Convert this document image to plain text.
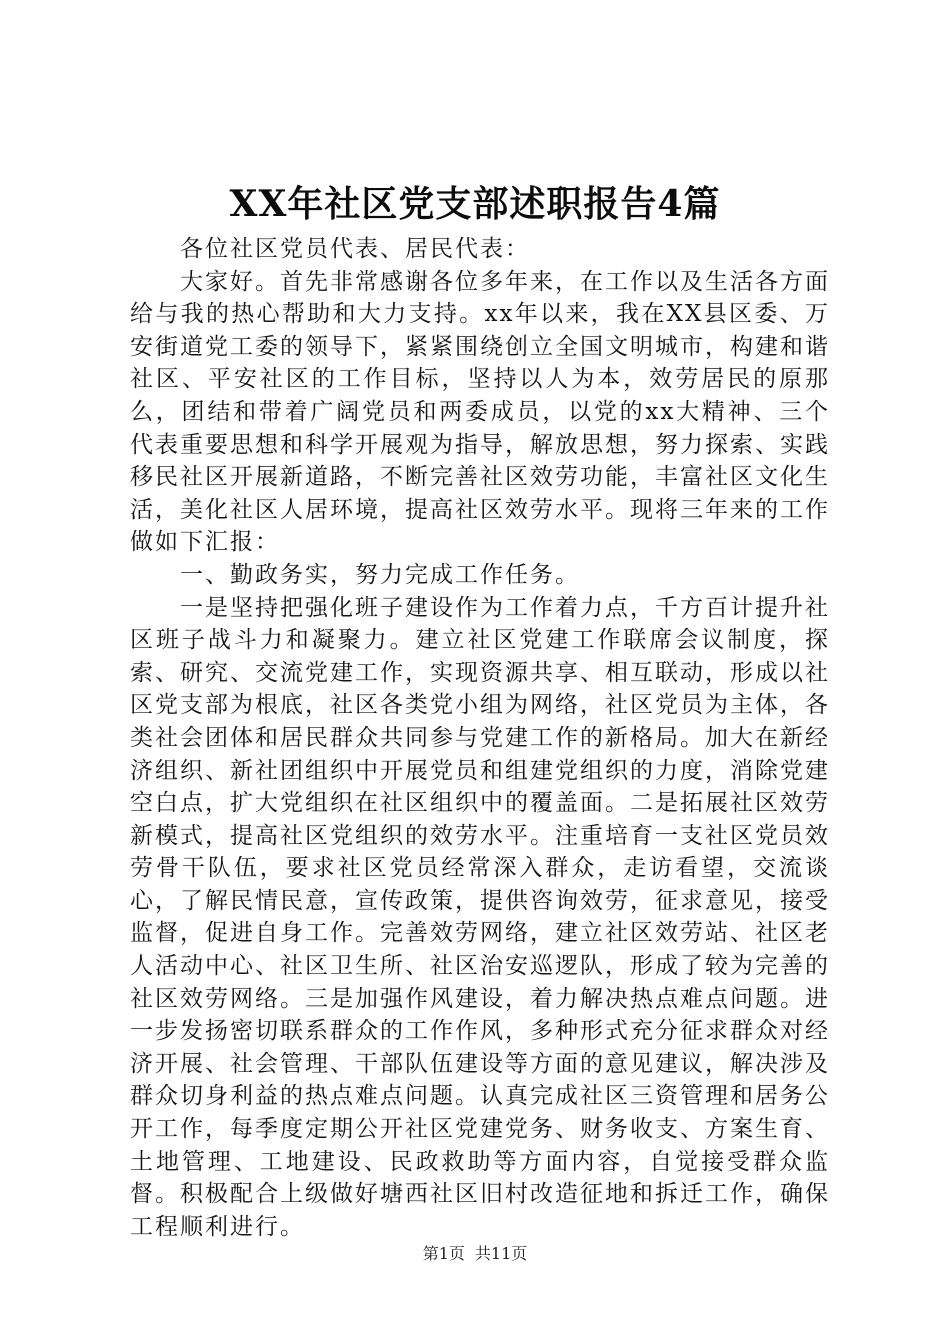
XX年社区党支部述职报告4篇

各位社区党员代表、居民代表：

大家好。首先非常感谢各位多年来，在工作以及生活各方面给与我的热心帮助和大力支持。xx年以来，我在XX县区委、万安街道党工委的领导下，紧紧围绕创立全国文明城市，构建和谐社区、平安社区的工作目标，坚持以人为本，效劳居民的原那么，团结和带着广阔党员和两委成员，以党的xx大精神、三个代表重要思想和科学开展观为指导，解放思想，努力探索、实践移民社区开展新道路，不断完善社区效劳功能，丰富社区文化生活，美化社区人居环境，提高社区效劳水平。现将三年来的工作做如下汇报：

一、勤政务实，努力完成工作任务。

一是坚持把强化班子建设作为工作着力点，千方百计提升社区班子战斗力和凝聚力。建立社区党建工作联席会议制度，探索、研究、交流党建工作，实现资源共享、相互联动，形成以社区党支部为根底，社区各类党小组为网络，社区党员为主体，各类社会团体和居民群众共同参与党建工作的新格局。加大在新经济组织、新社团组织中开展党员和组建党组织的力度，消除党建空白点，扩大党组织在社区组织中的覆盖面。二是拓展社区效劳新模式，提高社区党组织的效劳水平。注重培育一支社区党员效劳骨干队伍，要求社区党员经常深入群众，走访看望，交流谈心，了解民情民意，宣传政策，提供咨询效劳，征求意见，接受监督，促进自身工作。完善效劳网络，建立社区效劳站、社区老人活动中心、社区卫生所、社区治安巡逻队，形成了较为完善的社区效劳网络。三是加强作风建设，着力解决热点难点问题。进一步发扬密切联系群众的工作作风，多种形式充分征求群众对经济开展、社会管理、干部队伍建设等方面的意见建议，解决涉及群众切身利益的热点难点问题。认真完成社区三资管理和居务公开工作，每季度定期公开社区党建党务、财务收支、方案生育、土地管理、工地建设、民政救助等方面内容，自觉接受群众监督。积极配合上级做好塘西社区旧村改造征地和拆迁工作，确保工程顺利进行。

第1页 共11页
